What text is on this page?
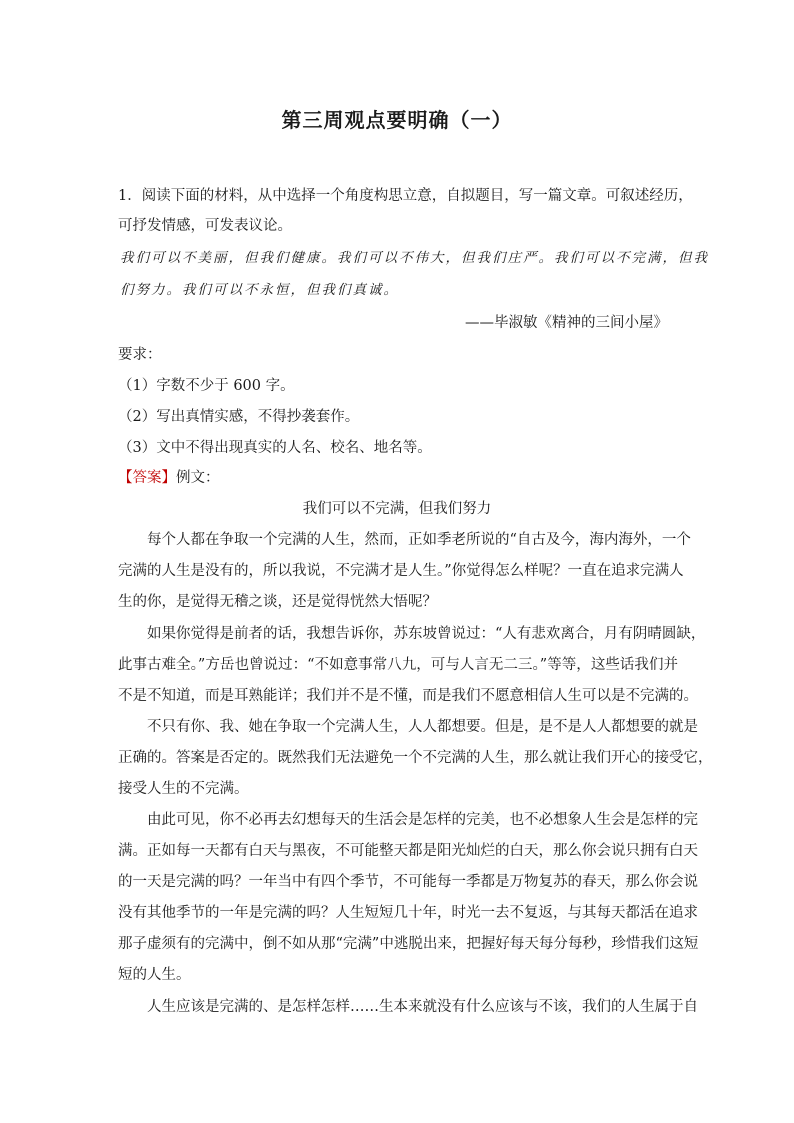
第三周观点要明确（一）
1．阅读下面的材料，从中选择一个角度构思立意，自拟题目，写一篇文章。可叙述经历，
可抒发情感，可发表议论。
我们可以不美丽，但我们健康。我们可以不伟大，但我们庄严。我们可以不完满，但我
们努力。我们可以不永恒，但我们真诚。
——毕淑敏《精神的三间小屋》
要求：
（1）字数不少于 600 字。
（2）写出真情实感，不得抄袭套作。
（3）文中不得出现真实的人名、校名、地名等。
【答案】例文：
我们可以不完满，但我们努力
每个人都在争取一个完满的人生，然而，正如季老所说的“自古及今，海内海外，一个
完满的人生是没有的，所以我说，不完满才是人生。”你觉得怎么样呢？一直在追求完满人
生的你，是觉得无稽之谈，还是觉得恍然大悟呢？
如果你觉得是前者的话，我想告诉你，苏东坡曾说过：“人有悲欢离合，月有阴晴圆缺，
此事古难全。”方岳也曾说过：“不如意事常八九，可与人言无二三。”等等，这些话我们并
不是不知道，而是耳熟能详；我们并不是不懂，而是我们不愿意相信人生可以是不完满的。
不只有你、我、她在争取一个完满人生，人人都想要。但是，是不是人人都想要的就是
正确的。答案是否定的。既然我们无法避免一个不完满的人生，那么就让我们开心的接受它，
接受人生的不完满。
由此可见，你不必再去幻想每天的生活会是怎样的完美，也不必想象人生会是怎样的完
满。正如每一天都有白天与黑夜，不可能整天都是阳光灿烂的白天，那么你会说只拥有白天
的一天是完满的吗？一年当中有四个季节，不可能每一季都是万物复苏的春天，那么你会说
没有其他季节的一年是完满的吗？人生短短几十年，时光一去不复返，与其每天都活在追求
那子虚须有的完满中，倒不如从那“完满”中逃脱出来，把握好每天每分每秒，珍惜我们这短
短的人生。
人生应该是完满的、是怎样怎样……生本来就没有什么应该与不该，我们的人生属于自
